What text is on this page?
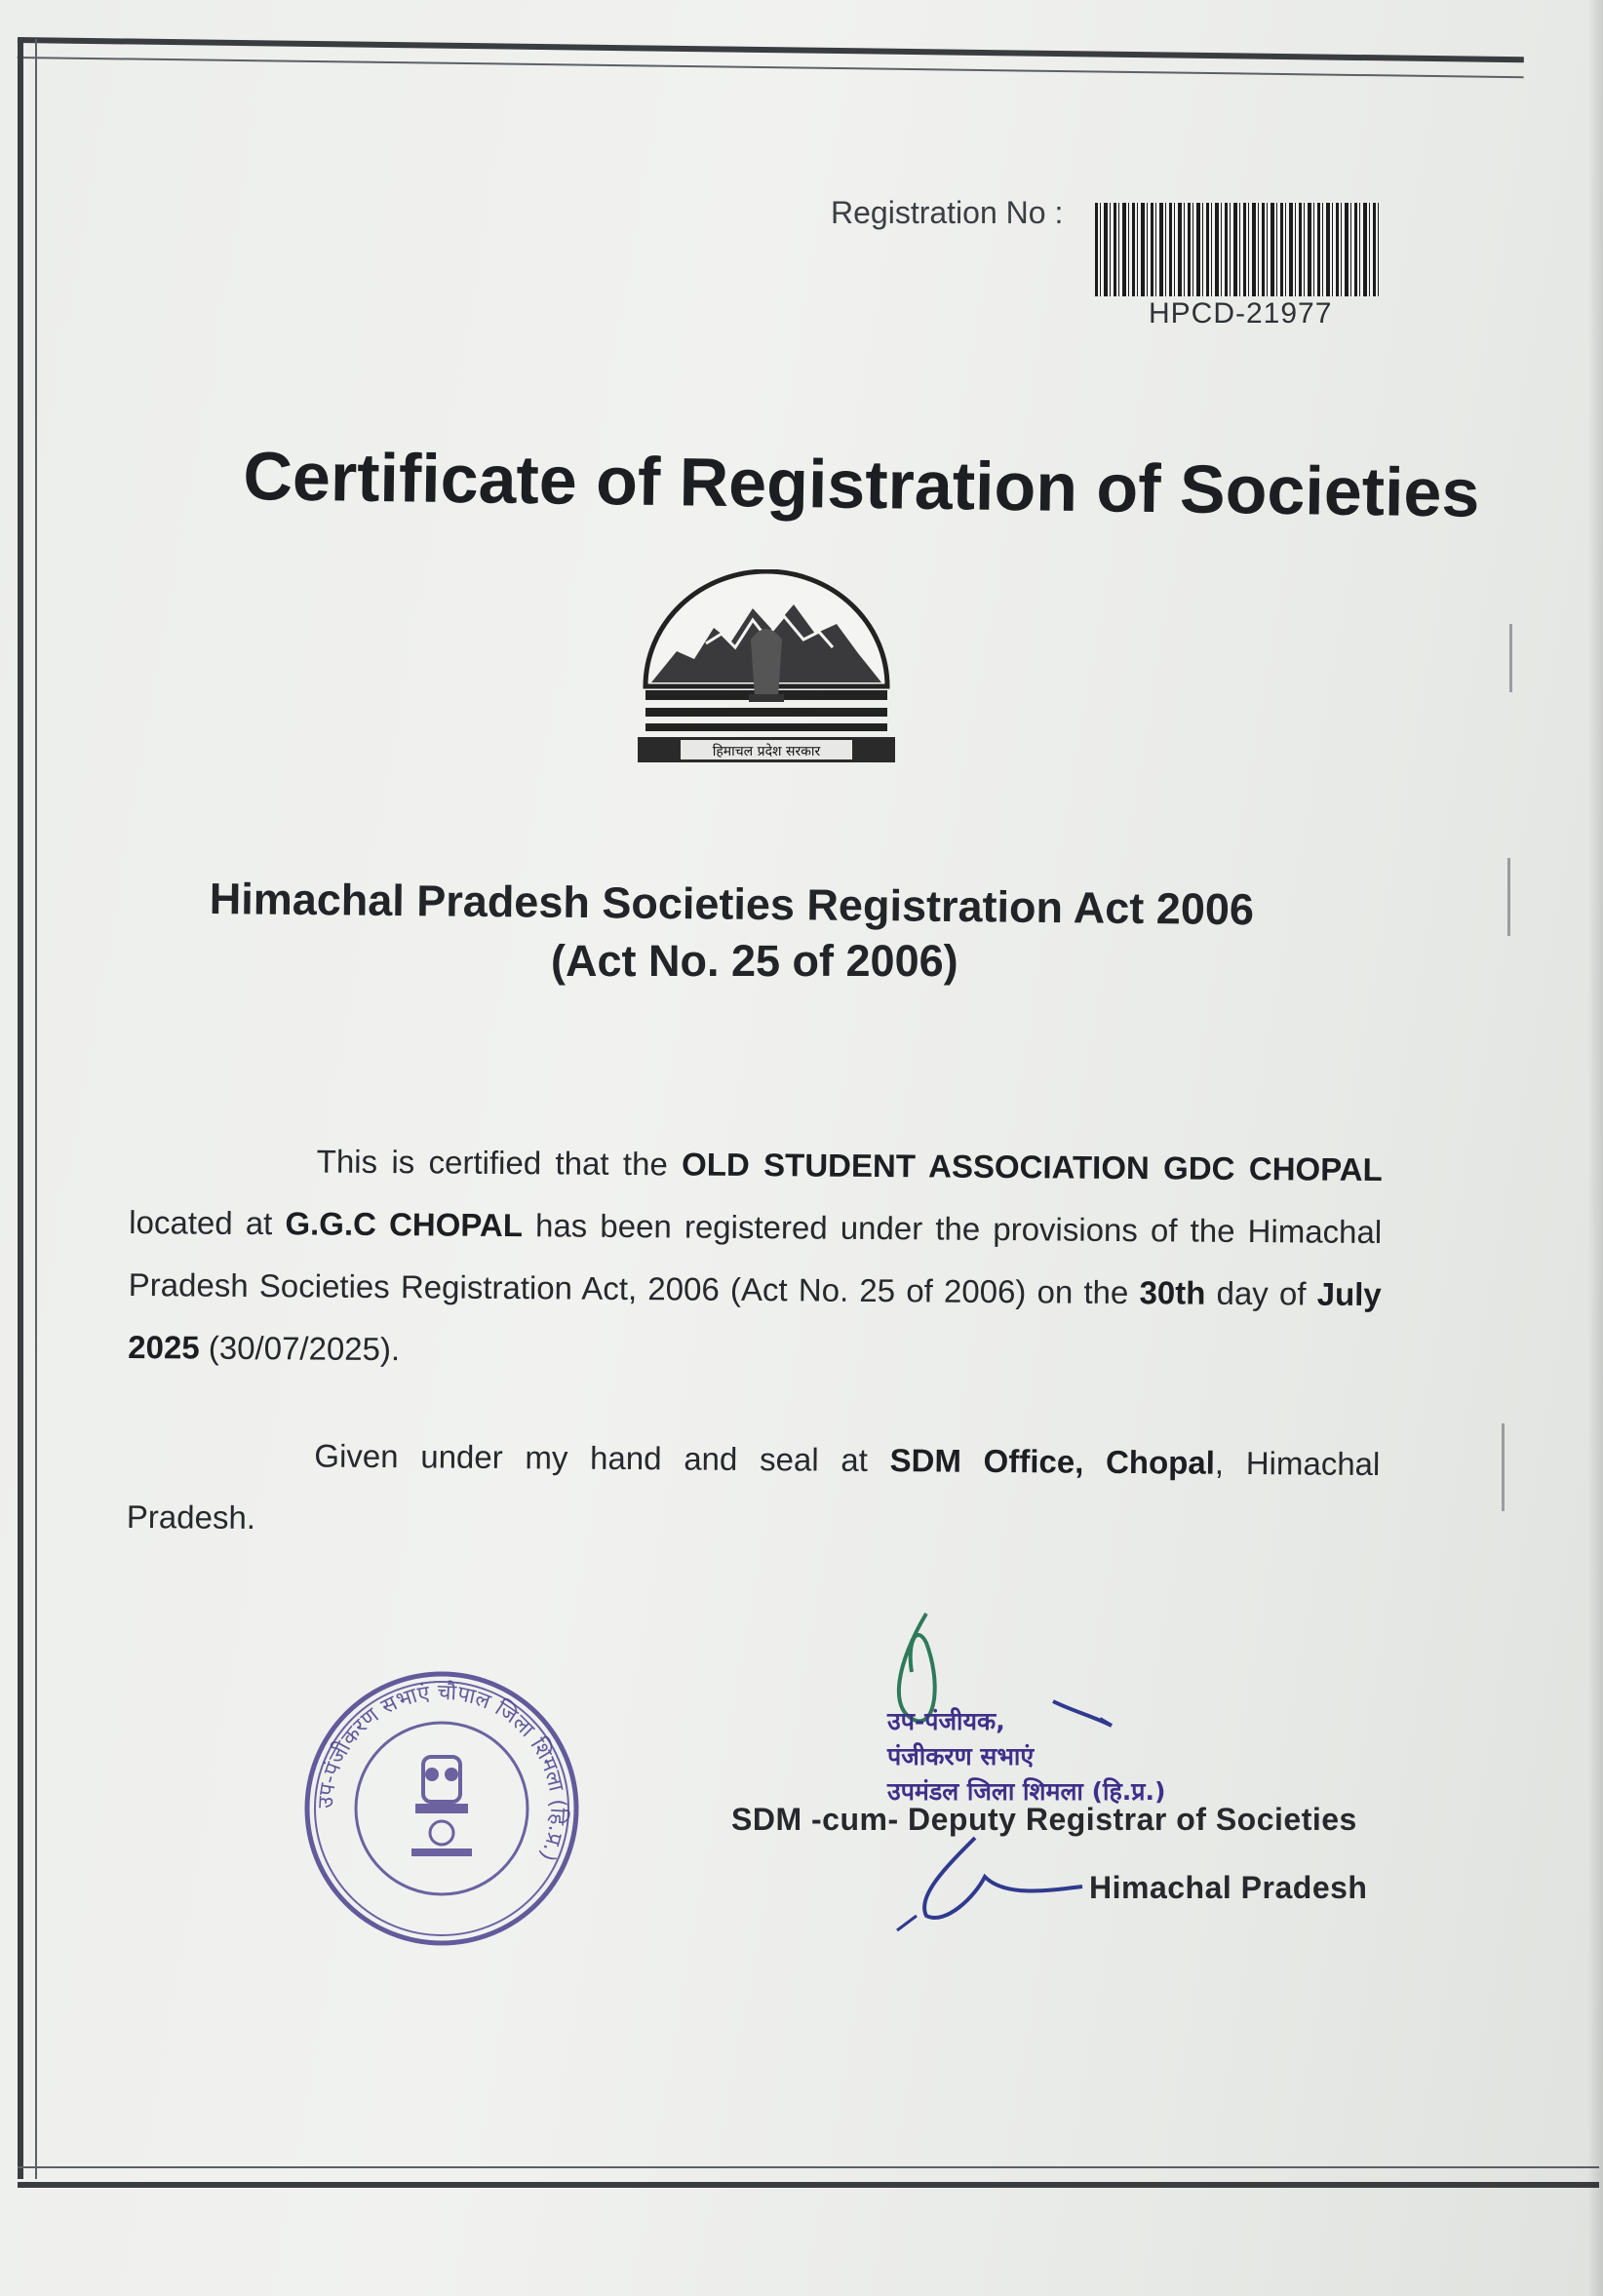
Registration No :
HPCD-21977
Certificate of Registration of Societies
हिमाचल प्रदेश सरकार
Himachal Pradesh Societies Registration Act 2006
(Act No. 25 of 2006)

This is certified that the OLD STUDENT ASSOCIATION GDC CHOPAL located at G.G.C CHOPAL has been registered under the provisions of the Himachal Pradesh Societies Registration Act, 2006 (Act No. 25 of 2006) on the 30th day of July 2025 (30/07/2025).

Given under my hand and seal at SDM Office, Chopal, Himachal Pradesh.

उप-पंजीकरण सभाएं चौपाल जिला शिमला (हि.प्र.)
उप-पंजीयक,
पंजीकरण सभाएं
उपमंडल जिला शिमला (हि.प्र.)
SDM -cum- Deputy Registrar of Societies
Himachal Pradesh
